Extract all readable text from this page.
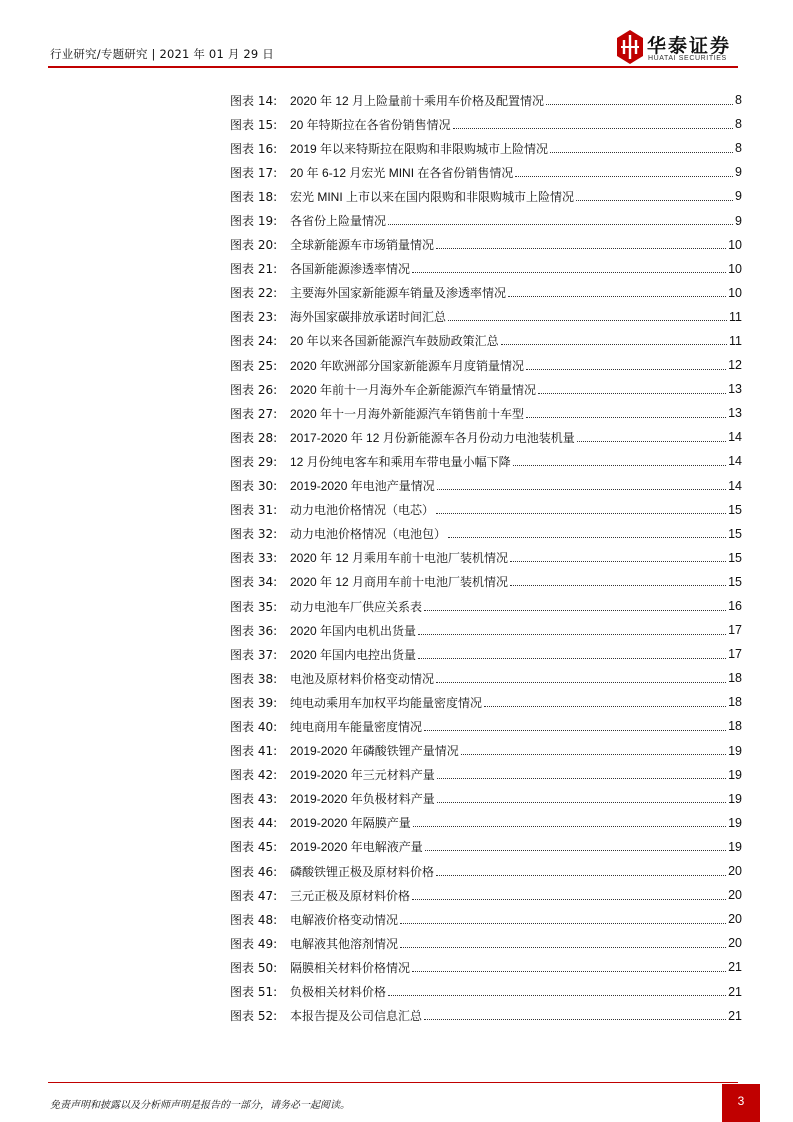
行业研究/专题研究 | 2021 年 01 月 29 日	华泰证券
HUATAI SECURITIES
图表 14:	2020 年 12 月上险量前十乘用车价格及配置情况	8
图表 15:	20 年特斯拉在各省份销售情况	8
图表 16:	2019 年以来特斯拉在限购和非限购城市上险情况	8
图表 17:	20 年 6-12 月宏光 MINI 在各省份销售情况	9
图表 18:	宏光 MINI 上市以来在国内限购和非限购城市上险情况	9
图表 19:	各省份上险量情况	9
图表 20:	全球新能源车市场销量情况	10
图表 21:	各国新能源渗透率情况	10
图表 22:	主要海外国家新能源车销量及渗透率情况	10
图表 23:	海外国家碳排放承诺时间汇总	11
图表 24:	20 年以来各国新能源汽车鼓励政策汇总	11
图表 25:	2020 年欧洲部分国家新能源车月度销量情况	12
图表 26:	2020 年前十一月海外车企新能源汽车销量情况	13
图表 27:	2020 年十一月海外新能源汽车销售前十车型	13
图表 28:	2017-2020 年 12 月份新能源车各月份动力电池装机量	14
图表 29:	12 月份纯电客车和乘用车带电量小幅下降	14
图表 30:	2019-2020 年电池产量情况	14
图表 31:	动力电池价格情况（电芯）	15
图表 32:	动力电池价格情况（电池包）	15
图表 33:	2020 年 12 月乘用车前十电池厂装机情况	15
图表 34:	2020 年 12 月商用车前十电池厂装机情况	15
图表 35:	动力电池车厂供应关系表	16
图表 36:	2020 年国内电机出货量	17
图表 37:	2020 年国内电控出货量	17
图表 38:	电池及原材料价格变动情况	18
图表 39:	纯电动乘用车加权平均能量密度情况	18
图表 40:	纯电商用车能量密度情况	18
图表 41:	2019-2020 年磷酸铁锂产量情况	19
图表 42:	2019-2020 年三元材料产量	19
图表 43:	2019-2020 年负极材料产量	19
图表 44:	2019-2020 年隔膜产量	19
图表 45:	2019-2020 年电解液产量	19
图表 46:	磷酸铁锂正极及原材料价格	20
图表 47:	三元正极及原材料价格	20
图表 48:	电解液价格变动情况	20
图表 49:	电解液其他溶剂情况	20
图表 50:	隔膜相关材料价格情况	21
图表 51:	负极相关材料价格	21
图表 52:	本报告提及公司信息汇总	21
免责声明和披露以及分析师声明是报告的一部分，请务必一起阅读。	3
